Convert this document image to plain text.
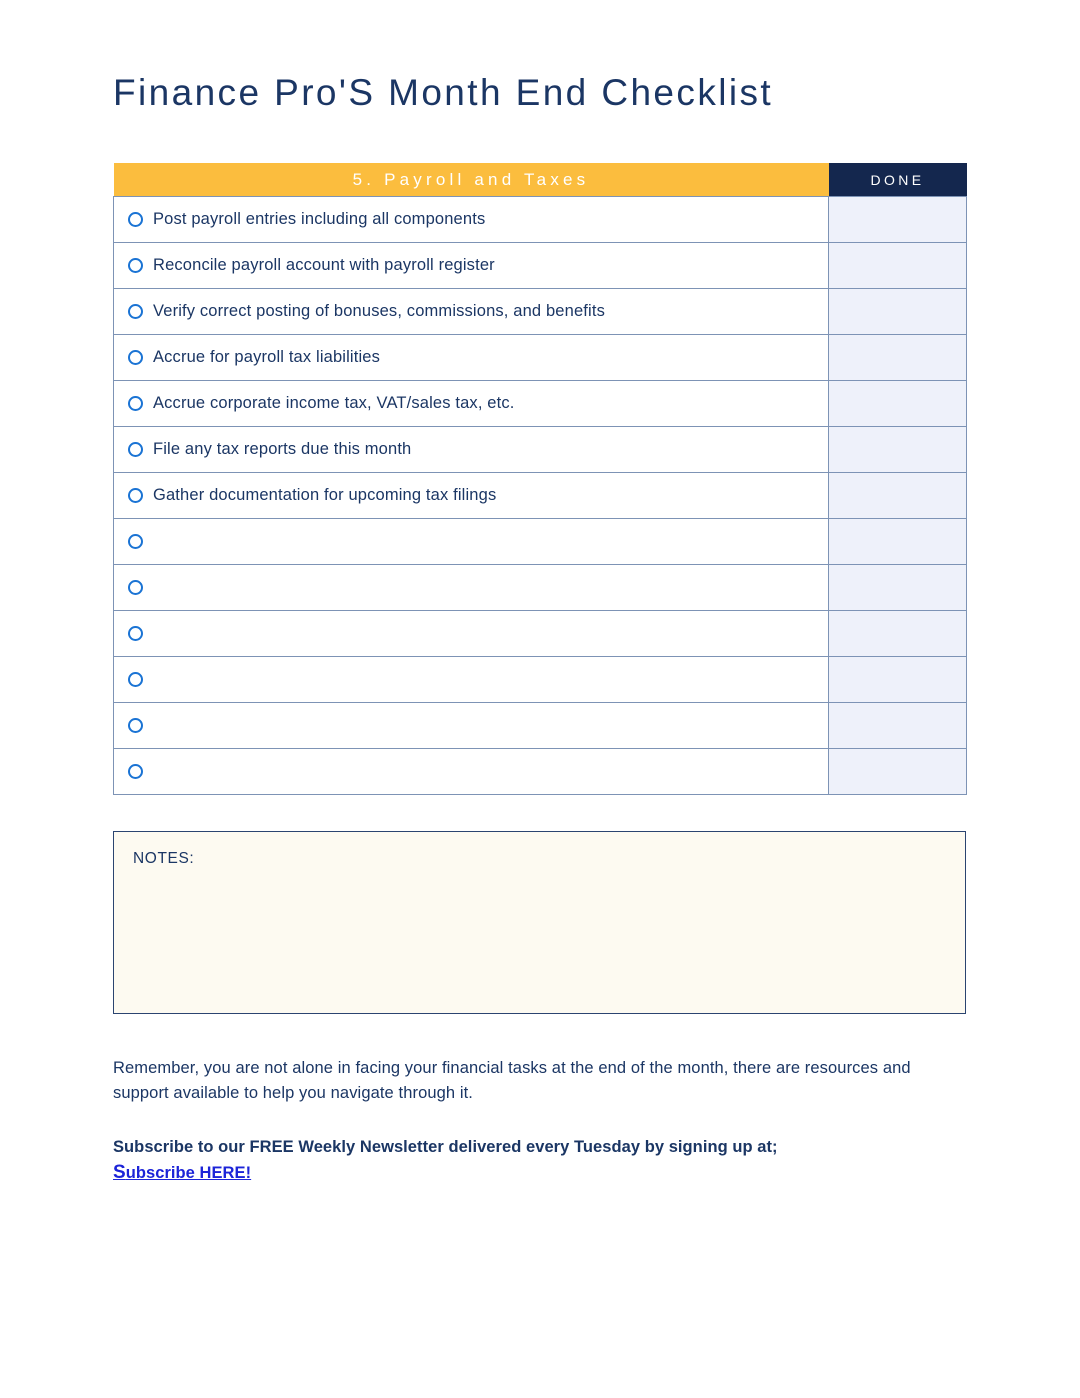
Finance Pro'S Month End Checklist
5. Payroll and Taxes	DONE

Post payroll entries including all components	

Reconcile payroll account with payroll register	

Verify correct posting of bonuses, commissions, and benefits	

Accrue for payroll tax liabilities	

Accrue corporate income tax, VAT/sales tax, etc.	

File any tax reports due this month	

Gather documentation for upcoming tax filings	

NOTES:

Remember, you are not alone in facing your financial tasks at the end of the month, there are resources and support available to help you navigate through it.

Subscribe to our FREE Weekly Newsletter delivered every Tuesday by signing up at;

Subscribe HERE!
